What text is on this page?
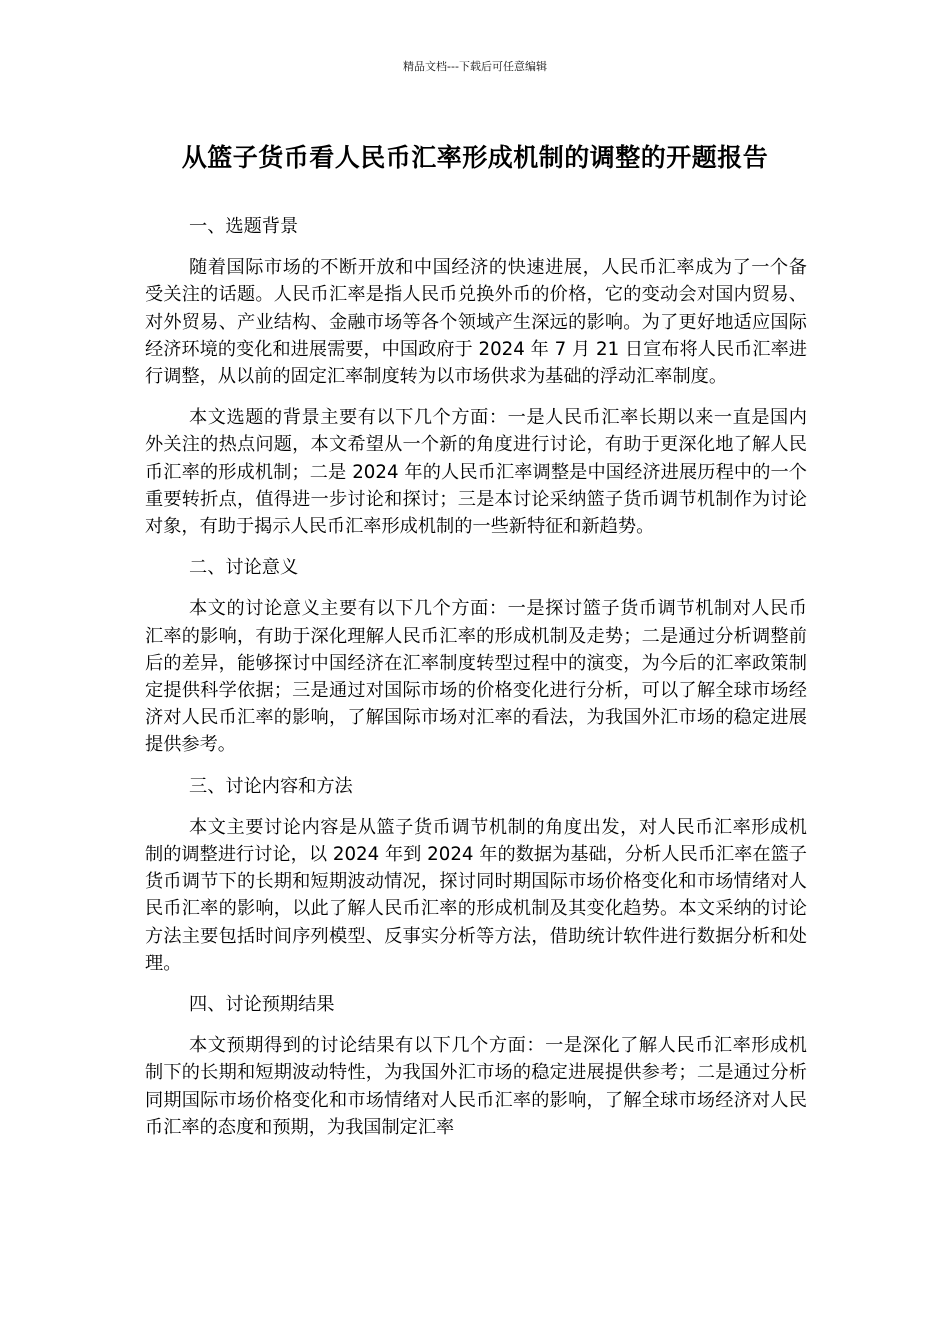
精品文档---下载后可任意编辑
从篮子货币看人民币汇率形成机制的调整的开题报告

一、选题背景

随着国际市场的不断开放和中国经济的快速进展，人民币汇率成为了一个备受关注的话题。人民币汇率是指人民币兑换外币的价格，它的变动会对国内贸易、对外贸易、产业结构、金融市场等各个领域产生深远的影响。为了更好地适应国际经济环境的变化和进展需要，中国政府于 2024 年 7 月 21 日宣布将人民币汇率进行调整，从以前的固定汇率制度转为以市场供求为基础的浮动汇率制度。

本文选题的背景主要有以下几个方面：一是人民币汇率长期以来一直是国内外关注的热点问题，本文希望从一个新的角度进行讨论，有助于更深化地了解人民币汇率的形成机制；二是 2024 年的人民币汇率调整是中国经济进展历程中的一个重要转折点，值得进一步讨论和探讨；三是本讨论采纳篮子货币调节机制作为讨论对象，有助于揭示人民币汇率形成机制的一些新特征和新趋势。

二、讨论意义

本文的讨论意义主要有以下几个方面：一是探讨篮子货币调节机制对人民币汇率的影响，有助于深化理解人民币汇率的形成机制及走势；二是通过分析调整前后的差异，能够探讨中国经济在汇率制度转型过程中的演变，为今后的汇率政策制定提供科学依据；三是通过对国际市场的价格变化进行分析，可以了解全球市场经济对人民币汇率的影响，了解国际市场对汇率的看法，为我国外汇市场的稳定进展提供参考。

三、讨论内容和方法

本文主要讨论内容是从篮子货币调节机制的角度出发，对人民币汇率形成机制的调整进行讨论，以 2024 年到 2024 年的数据为基础，分析人民币汇率在篮子货币调节下的长期和短期波动情况，探讨同时期国际市场价格变化和市场情绪对人民币汇率的影响，以此了解人民币汇率的形成机制及其变化趋势。本文采纳的讨论方法主要包括时间序列模型、反事实分析等方法，借助统计软件进行数据分析和处理。

四、讨论预期结果

本文预期得到的讨论结果有以下几个方面：一是深化了解人民币汇率形成机制下的长期和短期波动特性，为我国外汇市场的稳定进展提供参考；二是通过分析同期国际市场价格变化和市场情绪对人民币汇率的影响，了解全球市场经济对人民币汇率的态度和预期，为我国制定汇率
